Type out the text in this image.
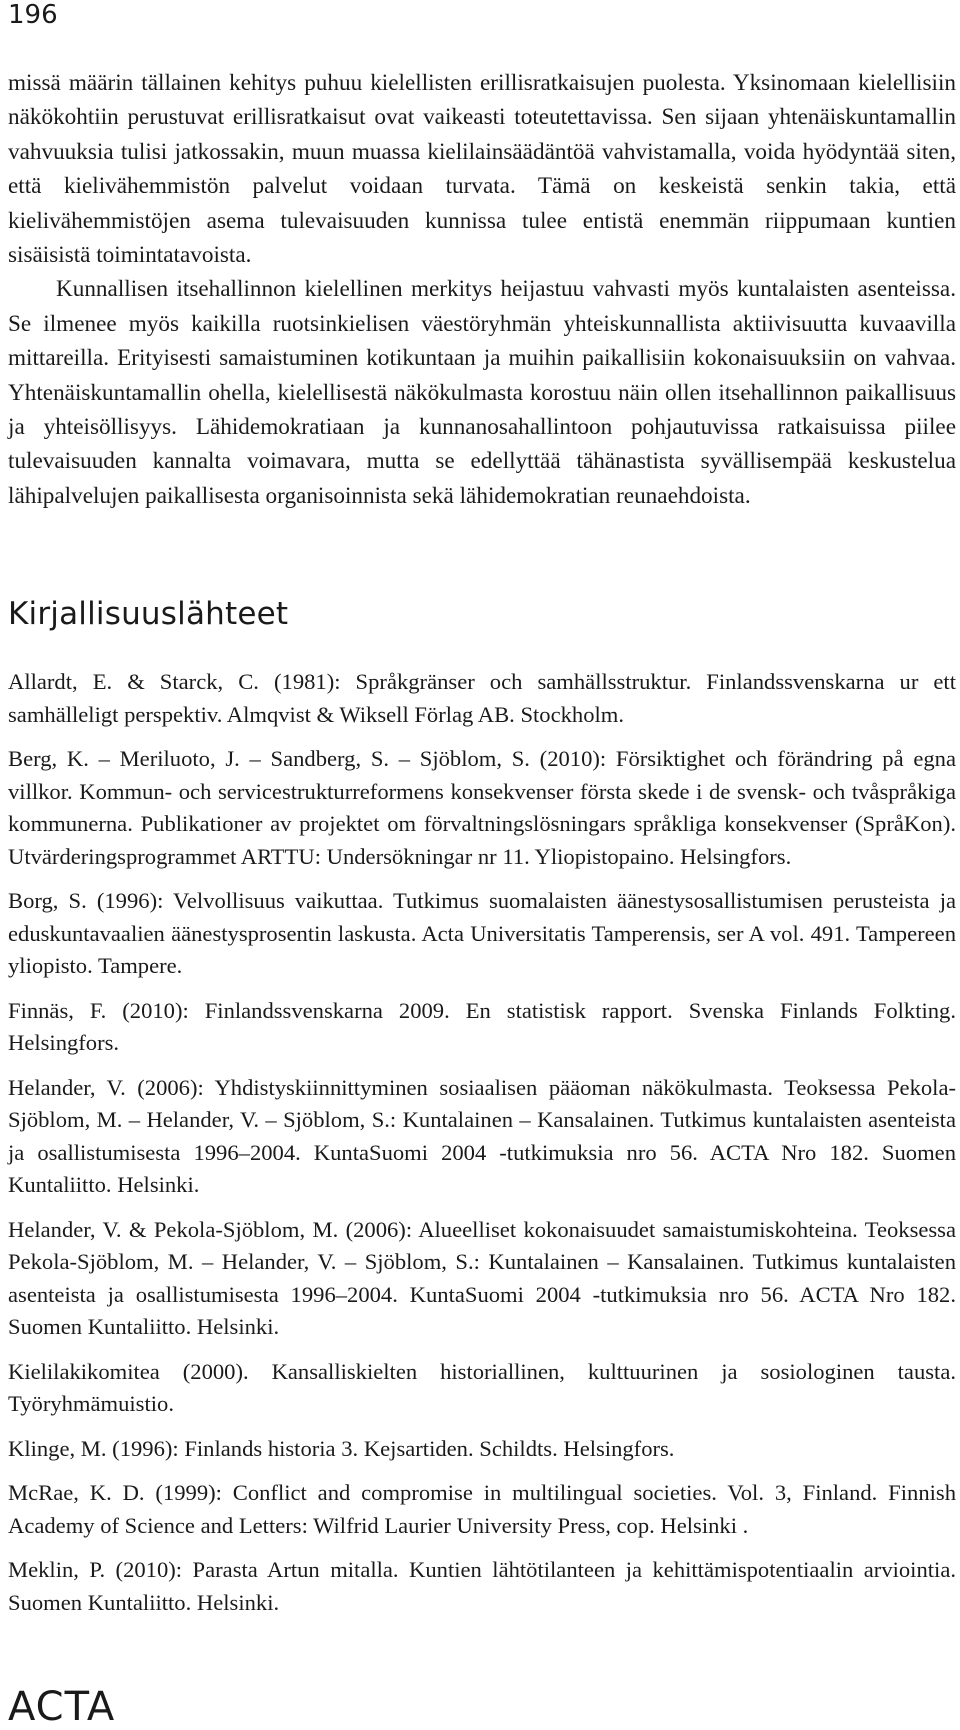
196

missä määrin tällainen kehitys puhuu kielellisten erillisratkaisujen puolesta. Yksinomaan kielellisiin näkökohtiin perustuvat erillisratkaisut ovat vaikeasti toteutettavissa. Sen sijaan yhtenäiskuntamallin vahvuuksia tulisi jatkossakin, muun muassa kielilainsäädäntöä vahvistamalla, voida hyödyntää siten, että kielivähemmistön palvelut voidaan turvata. Tämä on keskeistä senkin takia, että kielivähemmistöjen asema tulevaisuuden kunnissa tulee entistä enemmän riippumaan kuntien sisäisistä toimintatavoista.

Kunnallisen itsehallinnon kielellinen merkitys heijastuu vahvasti myös kuntalaisten asenteissa. Se ilmenee myös kaikilla ruotsinkielisen väestöryhmän yhteiskunnallista aktiivisuutta kuvaavilla mittareilla. Erityisesti samaistuminen kotikuntaan ja muihin paikallisiin kokonaisuuksiin on vahvaa. Yhtenäiskuntamallin ohella, kielellisestä näkökulmasta korostuu näin ollen itsehallinnon paikallisuus ja yhteisöllisyys. Lähidemokratiaan ja kunnanosahallintoon pohjautuvissa ratkaisuissa piilee tulevaisuuden kannalta voimavara, mutta se edellyttää tähänastista syvällisempää keskustelua lähipalvelujen paikallisesta organisoinnista sekä lähidemokratian reunaehdoista.

Kirjallisuuslähteet

Allardt, E. & Starck, C. (1981): Språkgränser och samhällsstruktur. Finlandssvenskarna ur ett samhälleligt perspektiv. Almqvist & Wiksell Förlag AB. Stockholm.

Berg, K. – Meriluoto, J. – Sandberg, S. – Sjöblom, S. (2010): Försiktighet och förändring på egna villkor. Kommun- och servicestrukturreformens konsekvenser första skede i de svensk- och tvåspråkiga kommunerna. Publikationer av projektet om förvaltningslösningars språkliga konsekvenser (SpråKon). Utvärderingsprogrammet ARTTU: Undersökningar nr 11. Yliopistopaino. Helsingfors.

Borg, S. (1996): Velvollisuus vaikuttaa. Tutkimus suomalaisten äänestysosallistumisen perusteista ja eduskuntavaalien äänestysprosentin laskusta. Acta Universitatis Tamperensis, ser A vol. 491. Tampereen yliopisto. Tampere.

Finnäs, F. (2010): Finlandssvenskarna 2009. En statistisk rapport. Svenska Finlands Folkting. Helsingfors.

Helander, V. (2006): Yhdistyskiinnittyminen sosiaalisen pääoman näkökulmasta. Teoksessa Pekola-Sjöblom, M. – Helander, V. – Sjöblom, S.: Kuntalainen – Kansalainen. Tutkimus kuntalaisten asenteista ja osallistumisesta 1996–2004. KuntaSuomi 2004 -tutkimuksia nro 56. ACTA Nro 182. Suomen Kuntaliitto. Helsinki.

Helander, V. & Pekola-Sjöblom, M. (2006): Alueelliset kokonaisuudet samaistumiskohteina. Teoksessa Pekola-Sjöblom, M. – Helander, V. – Sjöblom, S.: Kuntalainen – Kansalainen. Tutkimus kuntalaisten asenteista ja osallistumisesta 1996–2004. KuntaSuomi 2004 -tutkimuksia nro 56. ACTA Nro 182. Suomen Kuntaliitto. Helsinki.

Kielilakikomitea (2000). Kansalliskielten historiallinen, kulttuurinen ja sosiologinen tausta. Työryhmämuistio.

Klinge, M. (1996): Finlands historia 3. Kejsartiden. Schildts. Helsingfors.

McRae, K. D. (1999): Conflict and compromise in multilingual societies. Vol. 3, Finland. Finnish Academy of Science and Letters: Wilfrid Laurier University Press, cop. Helsinki .

Meklin, P. (2010): Parasta Artun mitalla. Kuntien lähtötilanteen ja kehittämispotentiaalin arviointia. Suomen Kuntaliitto. Helsinki.

ACTA
